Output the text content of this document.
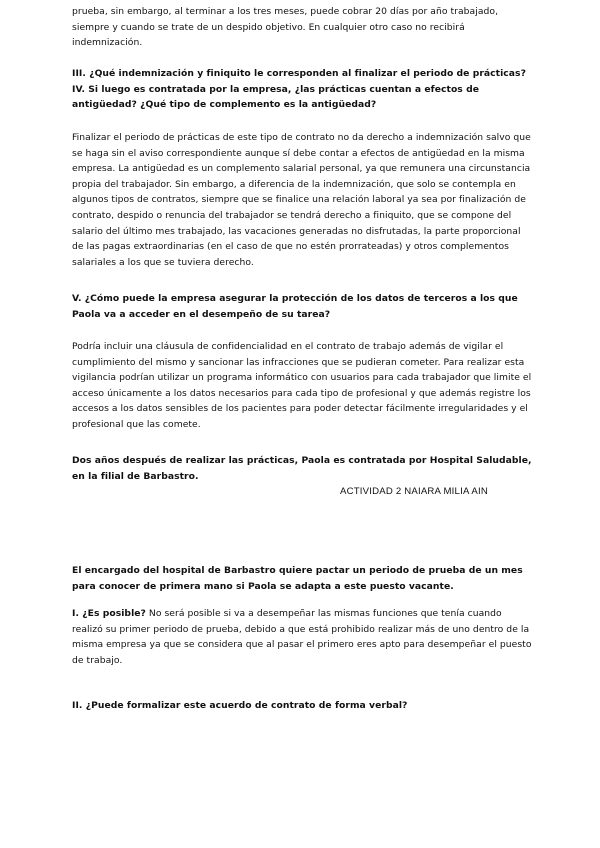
prueba, sin embargo, al terminar a los tres meses, puede cobrar 20 días por año trabajado, siempre y cuando se trate de un despido objetivo. En cualquier otro caso no recibirá indemnización.
III. ¿Qué indemnización y finiquito le corresponden al finalizar el periodo de prácticas? IV. Si luego es contratada por la empresa, ¿las prácticas cuentan a efectos de antigüedad? ¿Qué tipo de complemento es la antigüedad?
Finalizar el periodo de prácticas de este tipo de contrato no da derecho a indemnización salvo que se haga sin el aviso correspondiente aunque sí debe contar a efectos de antigüedad en la misma empresa. La antigüedad es un complemento salarial personal, ya que remunera una circunstancia propia del trabajador. Sin embargo, a diferencia de la indemnización, que solo se contempla en algunos tipos de contratos, siempre que se finalice una relación laboral ya sea por finalización de contrato, despido o renuncia del trabajador se tendrá derecho a finiquito, que se compone del salario del último mes trabajado, las vacaciones generadas no disfrutadas, la parte proporcional de las pagas extraordinarias (en el caso de que no estén prorrateadas) y otros complementos salariales a los que se tuviera derecho.
V. ¿Cómo puede la empresa asegurar la protección de los datos de terceros a los que Paola va a acceder en el desempeño de su tarea?
Podría incluir una cláusula de confidencialidad en el contrato de trabajo además de vigilar el cumplimiento del mismo y sancionar las infracciones que se pudieran cometer. Para realizar esta vigilancia podrían utilizar un programa informático con usuarios para cada trabajador que limite el acceso únicamente a los datos necesarios para cada tipo de profesional y que además registre los accesos a los datos sensibles de los pacientes para poder detectar fácilmente irregularidades y el profesional que las comete.
Dos años después de realizar las prácticas, Paola es contratada por Hospital Saludable, en la filial de Barbastro.
ACTIVIDAD 2 NAIARA MILIA AIN
El encargado del hospital de Barbastro quiere pactar un periodo de prueba de un mes para conocer de primera mano si Paola se adapta a este puesto vacante.
I. ¿Es posible? No será posible si va a desempeñar las mismas funciones que tenía cuando realizó su primer periodo de prueba, debido a que está prohibido realizar más de uno dentro de la misma empresa ya que se considera que al pasar el primero eres apto para desempeñar el puesto de trabajo.
II. ¿Puede formalizar este acuerdo de contrato de forma verbal?
